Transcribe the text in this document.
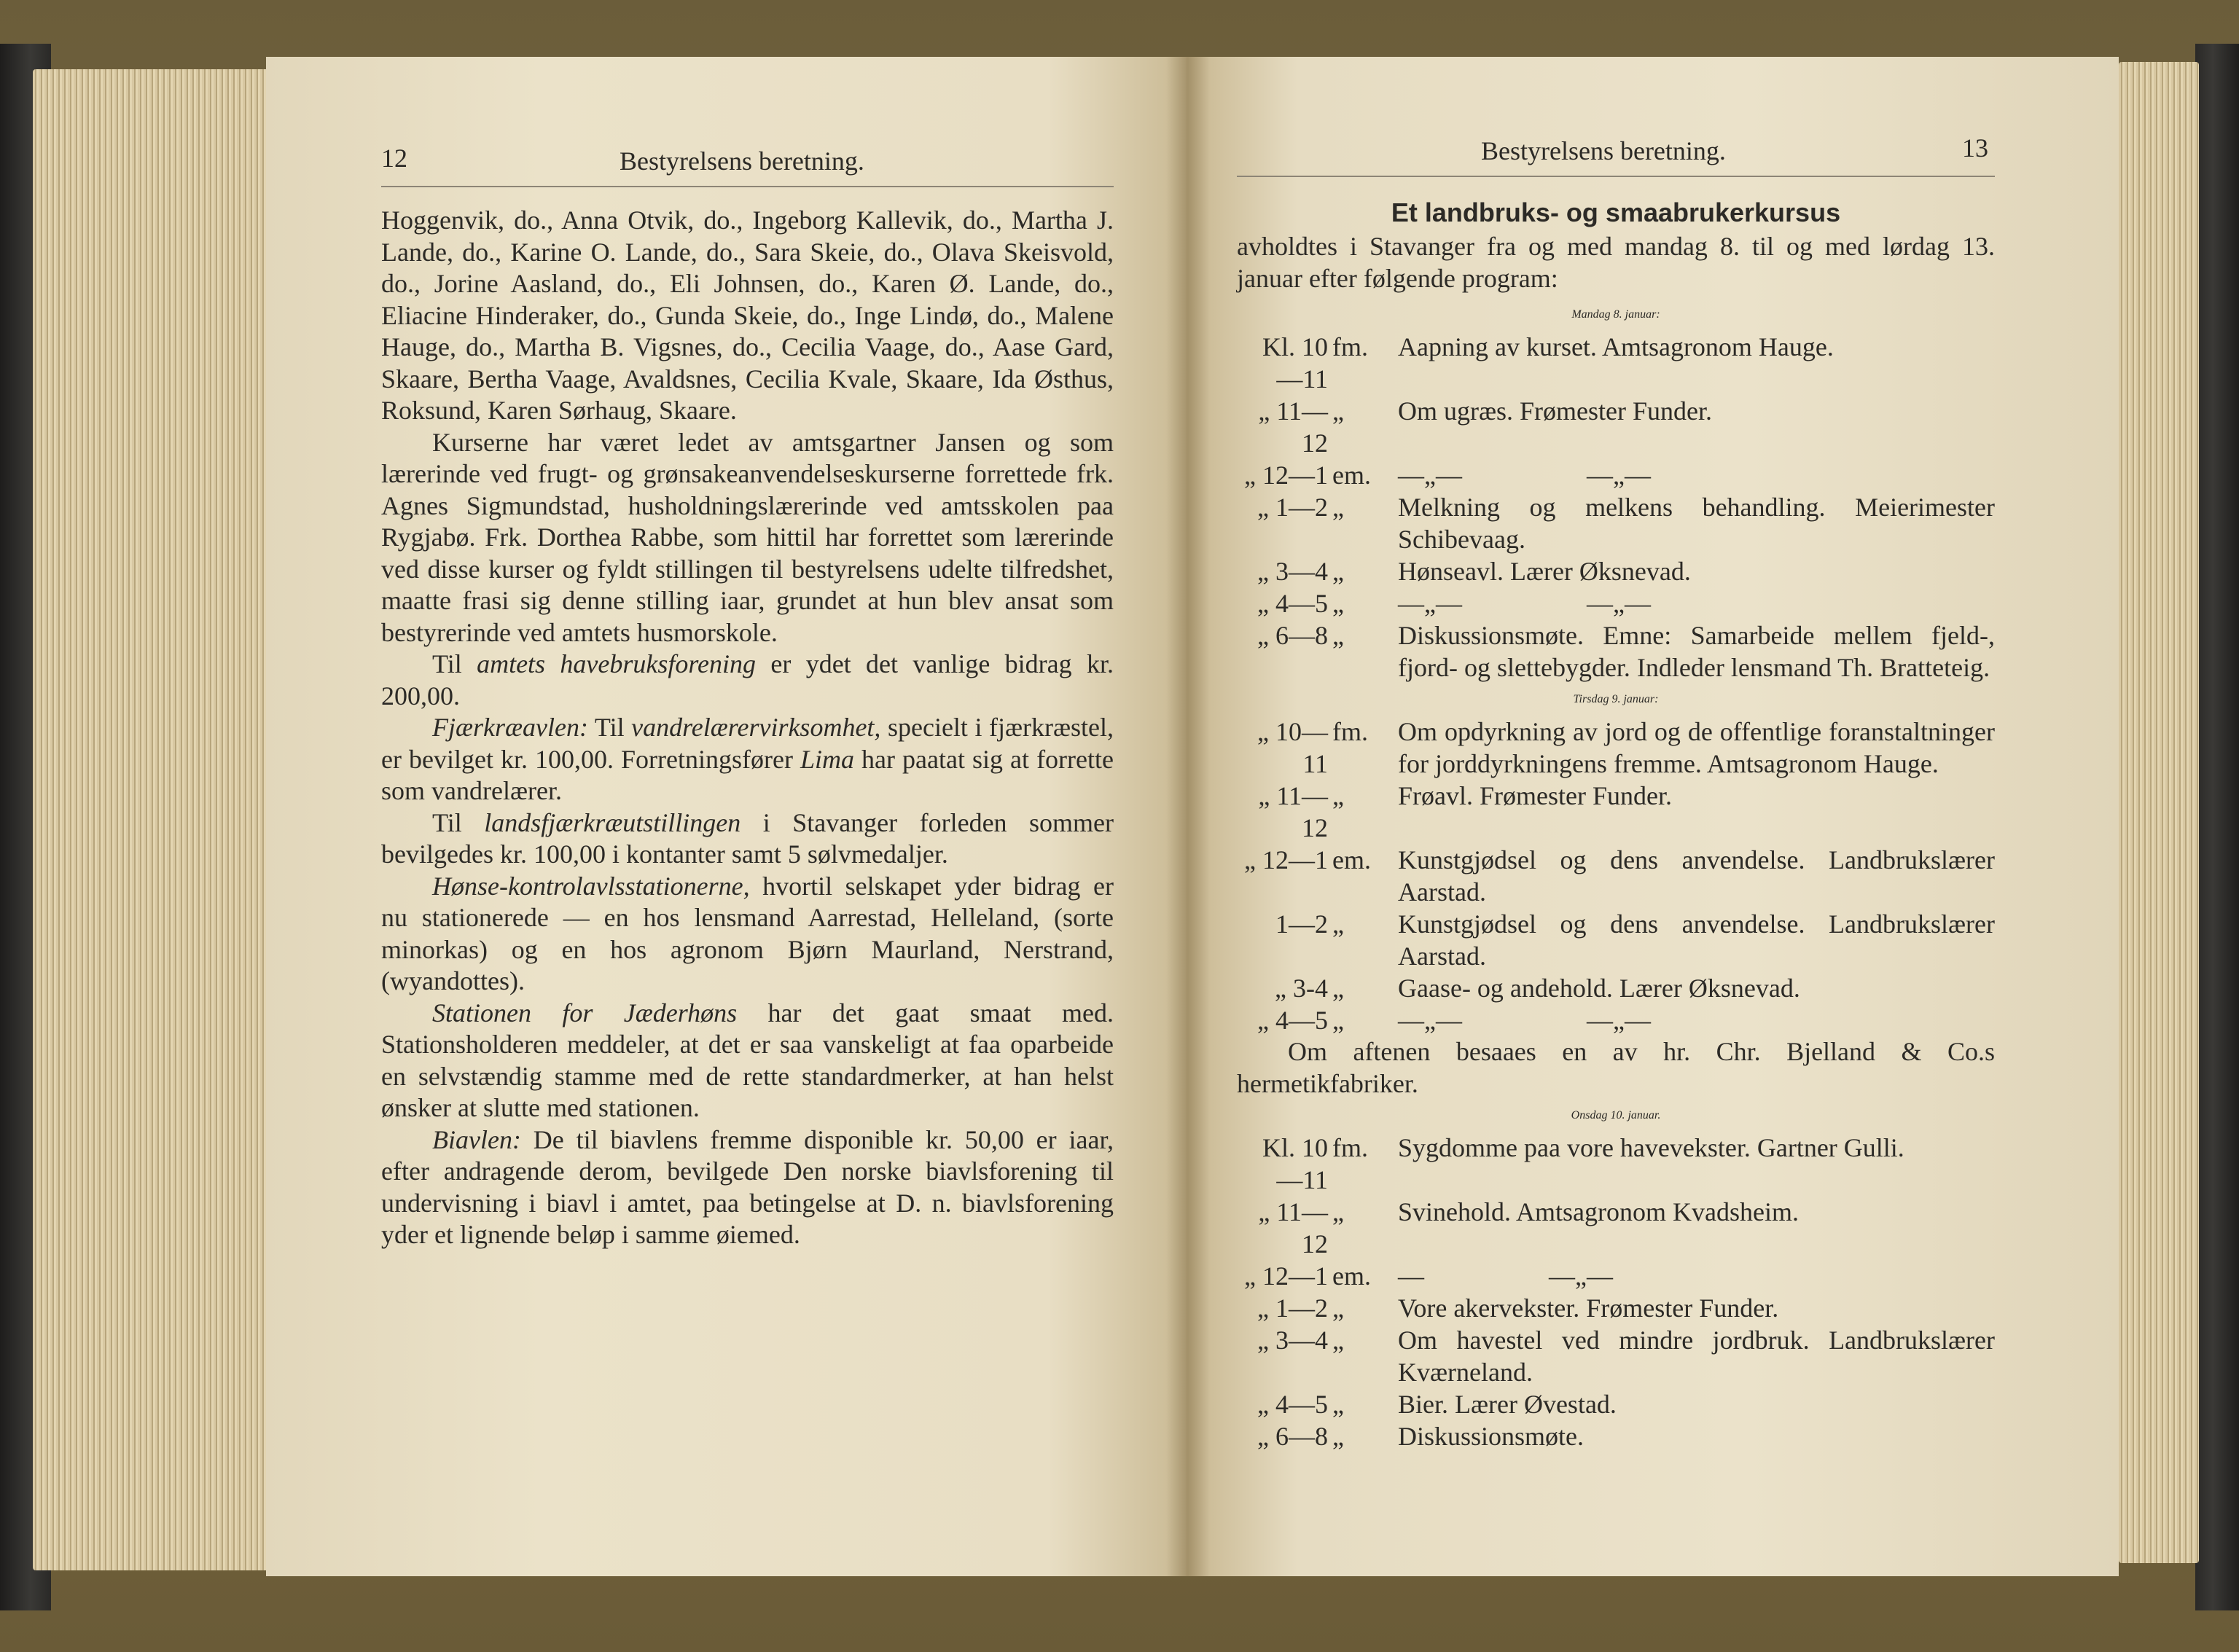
12	Bestyrelsens beretning.

Hoggenvik, do., Anna Otvik, do., Ingeborg Kallevik, do., Martha J. Lande, do., Karine O. Lande, do., Sara Skeie, do., Olava Skeisvold, do., Jorine Aasland, do., Eli Johnsen, do., Karen Ø. Lande, do., Eliacine Hinderaker, do., Gunda Skeie, do., Inge Lindø, do., Malene Hauge, do., Martha B. Vigsnes, do., Cecilia Vaage, do., Aase Gard, Skaare, Bertha Vaage, Avaldsnes, Cecilia Kvale, Skaare, Ida Østhus, Roksund, Karen Sørhaug, Skaare.

Kurserne har været ledet av amtsgartner Jansen og som lærerinde ved frugt- og grønsakeanvendelseskurserne forrettede frk. Agnes Sigmundstad, husholdningslærerinde ved amtsskolen paa Rygjabø. Frk. Dorthea Rabbe, som hittil har forrettet som lærerinde ved disse kurser og fyldt stillingen til bestyrelsens udelte tilfredshet, maatte frasi sig denne stilling iaar, grundet at hun blev ansat som bestyrerinde ved amtets husmorskole.

Til amtets havebruksforening er ydet det vanlige bidrag kr. 200,00.

Fjærkræavlen: Til vandrelærervirksomhet, specielt i fjærkræstel, er bevilget kr. 100,00. Forretningsfører Lima har paatat sig at forrette som vandrelærer.

Til landsfjærkræutstillingen i Stavanger forleden sommer bevilgedes kr. 100,00 i kontanter samt 5 sølvmedaljer.

Hønse-kontrolavlsstationerne, hvortil selskapet yder bidrag er nu stationerede — en hos lensmand Aarrestad, Helleland, (sorte minorkas) og en hos agronom Bjørn Maurland, Nerstrand, (wyandottes).

Stationen for Jæderhøns har det gaat smaat med. Stationsholderen meddeler, at det er saa vanskeligt at faa oparbeide en selvstændig stamme med de rette standardmerker, at han helst ønsker at slutte med stationen.

Biavlen: De til biavlens fremme disponible kr. 50,00 er iaar, efter andragende derom, bevilgede Den norske biavlsforening til undervisning i biavl i amtet, paa betingelse at D. n. biavlsforening yder et lignende beløp i samme øiemed.

Bestyrelsens beretning.	13
Et landbruks- og smaabrukerkursus
avholdtes i Stavanger fra og med mandag 8. til og med lørdag 13. januar efter følgende program:
Mandag 8. januar:
Kl. 10—11	fm.	Aapning av kurset. Amtsagronom Hauge.
„ 11—12	„	Om ugræs. Frømester Funder.
„ 12—1	em.	—„—                   —„—
„ 1—2	„	Melkning og melkens behandling. Meierimester Schibevaag.
„ 3—4	„	Hønseavl. Lærer Øksnevad.
„ 4—5	„	—„—                   —„—
„ 6—8	„	Diskussionsmøte. Emne: Samarbeide mellem fjeld-, fjord- og slettebygder. Indleder lensmand Th. Bratteteig.
Tirsdag 9. januar:
„ 10—11	fm.	Om opdyrkning av jord og de offentlige foranstaltninger for jorddyrkningens fremme. Amtsagronom Hauge.
„ 11—12	„	Frøavl. Frømester Funder.
„ 12—1	em.	Kunstgjødsel og dens anvendelse. Landbrukslærer Aarstad.
1—2	„	Kunstgjødsel og dens anvendelse. Landbrukslærer Aarstad.
„ 3-4	„	Gaase- og andehold. Lærer Øksnevad.
„ 4—5	„	—„—                   —„—
Om aftenen besaaes en av hr. Chr. Bjelland & Co.s hermetikfabriker.
Onsdag 10. januar.
Kl. 10—11	fm.	Sygdomme paa vore havevekster. Gartner Gulli.
„ 11—12	„	Svinehold. Amtsagronom Kvadsheim.
„ 12—1	em.	—                   —„—
„ 1—2	„	Vore akervekster. Frømester Funder.
„ 3—4	„	Om havestel ved mindre jordbruk. Landbrukslærer Kværneland.
„ 4—5	„	Bier. Lærer Øvestad.
„ 6—8	„	Diskussionsmøte.
